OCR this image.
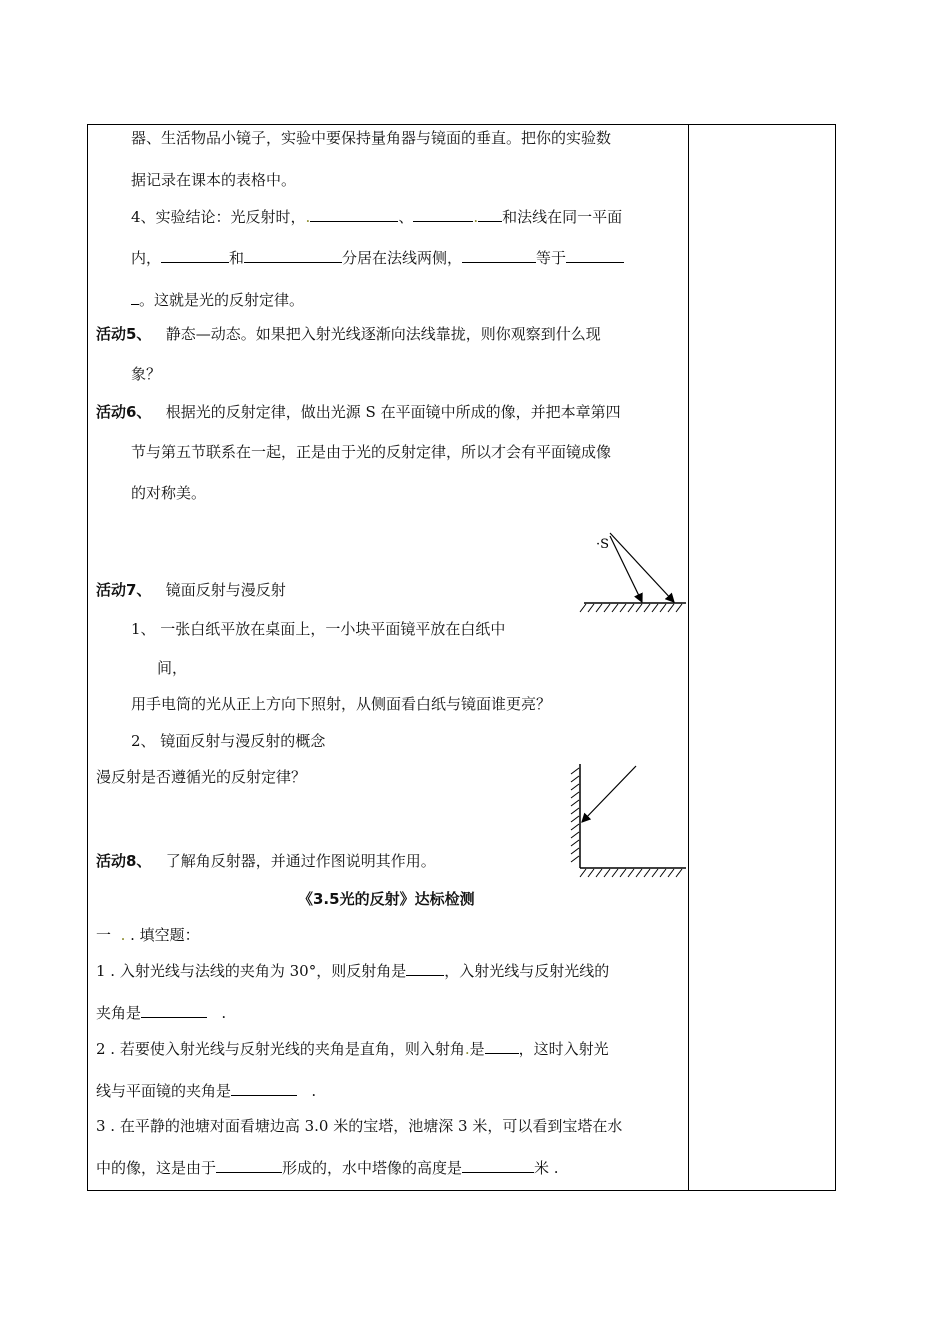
器、生活物品小镜子，实验中要保持量角器与镜面的垂直。把你的实验数
据记录在课本的表格中。
4、实验结论：光反射时，.	、	. 和法线在同一平面
内，	和	分居在法线两侧，	等于
。这就是光的反射定律。
活动5、 静态—动态。如果把入射光线逐渐向法线靠拢，则你观察到什么现
象？
活动6、 根据光的反射定律，做出光源 S 在平面镜中所成的像，并把本章第四
节与第五节联系在一起，正是由于光的反射定律，所以才会有平面镜成像
的对称美。
活动7、 镜面反射与漫反射
1、 一张白纸平放在桌面上，一小块平面镜平放在白纸中
间，
用手电筒的光从正上方向下照射，从侧面看白纸与镜面谁更亮？
2、 镜面反射与漫反射的概念
漫反射是否遵循光的反射定律？
活动8、 了解角反射器，并通过作图说明其作用。
《3.5光的反射》达标检测
一 . . 填空题：
1 . 入射光线与法线的夹角为 30°，则反射角是	，入射光线与反射光线的
夹角是	.
2 . 若要使入射光线与反射光线的夹角是直角，则入射角.是 ，这时入射光
线与平面镜的夹角是	.
3 . 在平静的池塘对面看塘边高 3.0 米的宝塔，池塘深 3 米，可以看到宝塔在水
中的像，这是由于	形成的，水中塔像的高度是	米 .
·S
